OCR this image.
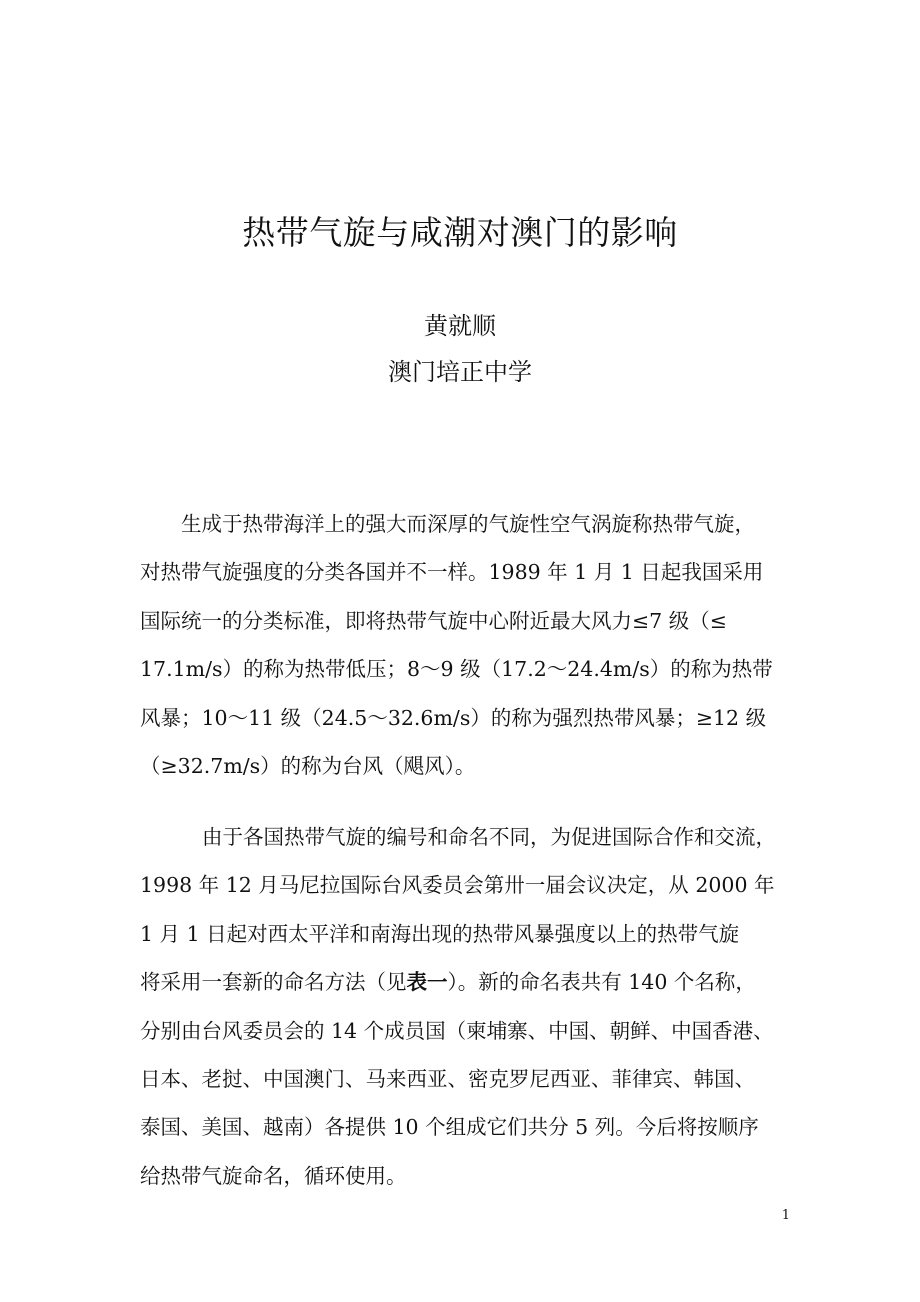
热带气旋与咸潮对澳门的影响
黄就顺
澳门培正中学

生成于热带海洋上的强大而深厚的气旋性空气涡旋称热带气旋，
对热带气旋强度的分类各国并不一样。1989 年 1 月 1 日起我国采用
国际统一的分类标准，即将热带气旋中心附近最大风力≤7 级（≤
17.1m/s）的称为热带低压；8～9 级（17.2～24.4m/s）的称为热带
风暴；10～11 级（24.5～32.6m/s）的称为强烈热带风暴；≥12 级
（≥32.7m/s）的称为台风（飓风）。

由于各国热带气旋的编号和命名不同，为促进国际合作和交流，
1998 年 12 月马尼拉国际台风委员会第卅一届会议决定，从 2000 年
1 月 1 日起对西太平洋和南海出现的热带风暴强度以上的热带气旋
将采用一套新的命名方法（见表一）。新的命名表共有 140 个名称，
分别由台风委员会的 14 个成员国（柬埔寨、中国、朝鲜、中国香港、
日本、老挝、中国澳门、马来西亚、密克罗尼西亚、菲律宾、韩国、
泰国、美国、越南）各提供 10 个组成它们共分 5 列。今后将按顺序
给热带气旋命名，循环使用。

1
